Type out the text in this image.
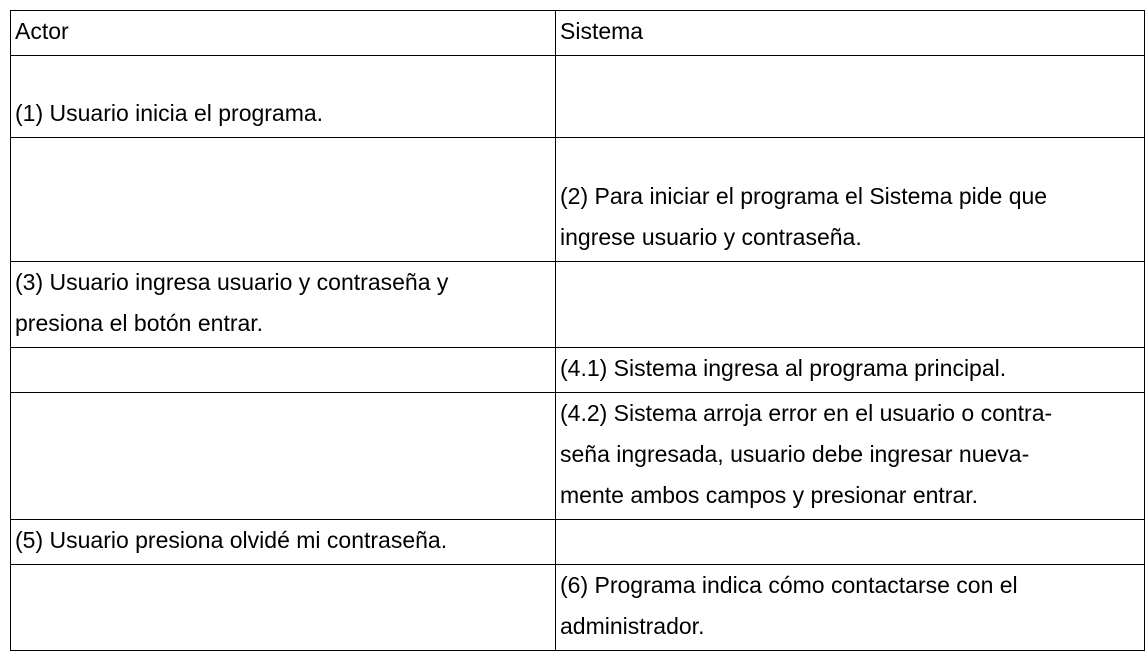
Actor	Sistema

(1) Usuario inicia el programa.	

	(2) Para iniciar el programa el Sistema pide que ingrese usuario y contraseña.

(3) Usuario ingresa usuario y contraseña y presiona el botón entrar.	

	(4.1) Sistema ingresa al programa principal.

	(4.2) Sistema arroja error en el usuario o contra-
seña ingresada, usuario debe ingresar nueva-
mente ambos campos y presionar entrar.

(5) Usuario presiona olvidé mi contraseña.	

	(6) Programa indica cómo contactarse con el administrador.
